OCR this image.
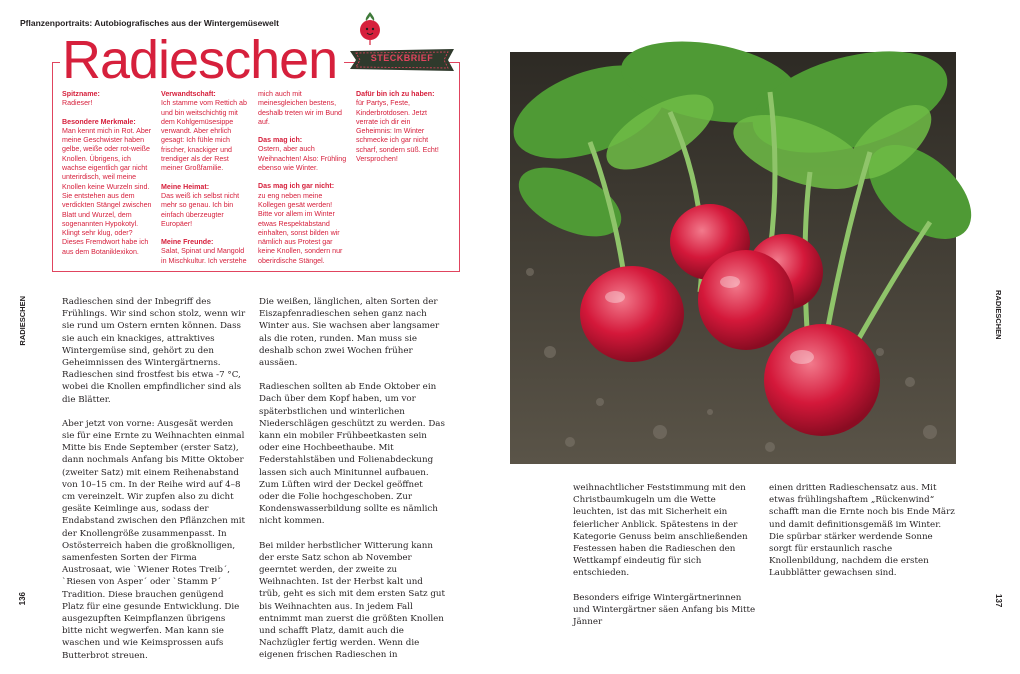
Pflanzenportraits: Autobiografisches aus der Wintergemüsewelt
Radieschen	STECKBRIEF
Spitzname:
Radieser!
Besondere Merkmale:
Man kennt mich in Rot. Aber meine Geschwister haben gelbe, weiße oder rot-weiße Knollen. Übrigens, ich wachse eigentlich gar nicht unterirdisch, weil meine Knollen keine Wurzeln sind. Sie entstehen aus dem verdickten Stängel zwischen Blatt und Wurzel, dem sogenannten Hypokotyl. Klingt sehr klug, oder? Dieses Fremdwort habe ich aus dem Botaniklexikon.
Verwandtschaft:
Ich stamme vom Rettich ab und bin weitschichtig mit dem Kohlgemüsesippe verwandt. Aber ehrlich gesagt: Ich fühle mich frischer, knackiger und trendiger als der Rest meiner Großfamilie.
Meine Heimat:
Das weiß ich selbst nicht mehr so genau. Ich bin einfach überzeugter Europäer!
Meine Freunde:
Salat, Spinat und Mangold in Mischkultur. Ich verstehe
mich auch mit meinesgleichen bestens, deshalb treten wir im Bund auf.
Das mag ich:
Ostern, aber auch Weihnachten! Also: Frühling ebenso wie Winter.
Das mag ich gar nicht:
zu eng neben meine Kollegen gesät werden! Bitte vor allem im Winter etwas Respektabstand einhalten, sonst bilden wir nämlich aus Protest gar keine Knollen, sondern nur oberirdische Stängel.
Dafür bin ich zu haben:
für Partys, Feste, Kinderbrotdosen. Jetzt verrate ich dir ein Geheimnis: Im Winter schmecke ich gar nicht scharf, sondern süß. Echt! Versprochen!

Radieschen sind der Inbegriff des Frühlings. Wir sind schon stolz, wenn wir sie rund um Ostern ernten können. Dass sie auch ein knackiges, attraktives Wintergemüse sind, gehört zu den Geheimnissen des Wintergärtnerns. Radieschen sind frostfest bis etwa -7 °C, wobei die Knollen empfindlicher sind als die Blätter.

Aber jetzt von vorne: Ausgesät werden sie für eine Ernte zu Weihnachten einmal Mitte bis Ende September (erster Satz), dann nochmals Anfang bis Mitte Oktober (zweiter Satz) mit einem Reihenabstand von 10–15 cm. In der Reihe wird auf 4–8 cm vereinzelt. Wir zupfen also zu dicht gesäte Keimlinge aus, sodass der Endabstand zwischen den Pflänzchen mit der Knollengröße zusammenpasst. In Ostösterreich haben die großknolligen, samenfesten Sorten der Firma Austrosaat, wie ˋWiener Rotes Treibˊ, ˋRiesen von Asperˊ oder ˋStamm Pˊ Tradition. Diese brauchen genügend Platz für eine gesunde Entwicklung. Die ausgezupften Keimpflanzen übrigens bitte nicht wegwerfen. Man kann sie waschen und wie Keimsprossen aufs Butterbrot streuen.

Die weißen, länglichen, alten Sorten der Eiszapfenradieschen sehen ganz nach Winter aus. Sie wachsen aber langsamer als die roten, runden. Man muss sie deshalb schon zwei Wochen früher aussäen.

Radieschen sollten ab Ende Oktober ein Dach über dem Kopf haben, um vor späterbstlichen und winterlichen Niederschlägen geschützt zu werden. Das kann ein mobiler Frühbeetkasten sein oder eine Hochbeethaube. Mit Federstahlstäben und Folienabdeckung lassen sich auch Minitunnel aufbauen. Zum Lüften wird der Deckel geöffnet oder die Folie hochgeschoben. Zur Kondenswasserbildung sollte es nämlich nicht kommen.

Bei milder herbstlicher Witterung kann der erste Satz schon ab November geerntet werden, der zweite zu Weihnachten. Ist der Herbst kalt und trüb, geht es sich mit dem ersten Satz gut bis Weihnachten aus. In jedem Fall entnimmt man zuerst die größten Knollen und schafft Platz, damit auch die Nachzügler fertig werden. Wenn die eigenen frischen Radieschen in

weihnachtlicher Feststimmung mit den Christbaumkugeln um die Wette leuchten, ist das mit Sicherheit ein feierlicher Anblick. Spätestens in der Kategorie Genuss beim anschließenden Festessen haben die Radieschen den Wettkampf eindeutig für sich entschieden.

Besonders eifrige Wintergärtnerinnen und Wintergärtner säen Anfang bis Mitte Jänner

einen dritten Radieschensatz aus. Mit etwas frühlingshaftem „Rückenwind“ schafft man die Ernte noch bis Ende März und damit definitionsgemäß im Winter. Die spürbar stärker werdende Sonne sorgt für erstaunlich rasche Knollenbildung, nachdem die ersten Laubblätter gewachsen sind.

RADIESCHEN
136
RADIESCHEN
137
